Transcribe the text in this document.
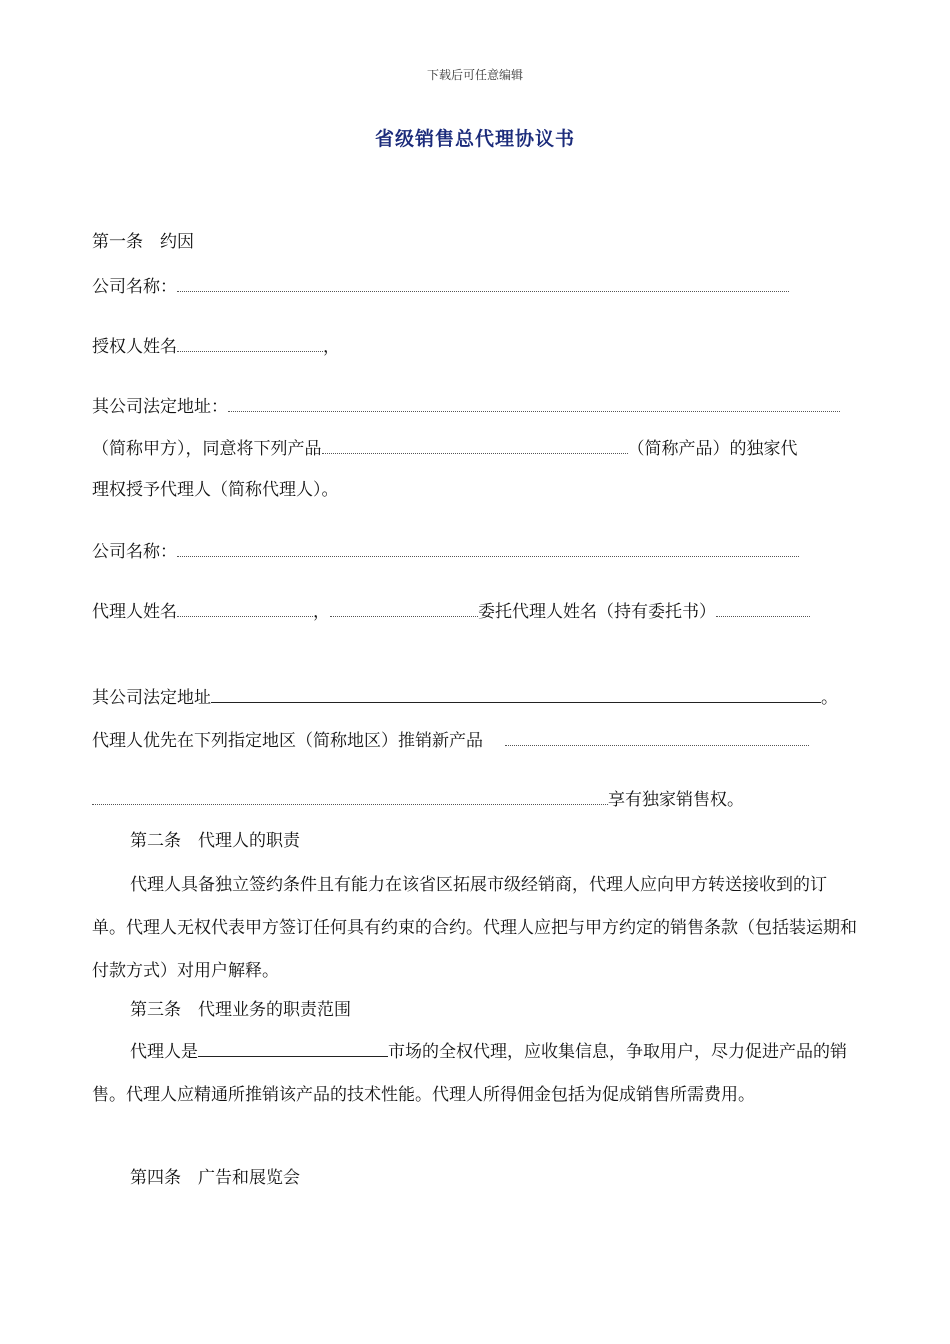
下载后可任意编辑
省级销售总代理协议书
第一条　约因
公司名称：
授权人姓名	，
其公司法定地址：
（简称甲方），同意将下列产品	（简称产品）的独家代
理权授予代理人（简称代理人）。
公司名称：
代理人姓名	，	委托代理人姓名（持有委托书）
其公司法定地址	。
代理人优先在下列指定地区（简称地区）推销新产品
享有独家销售权。
第二条　代理人的职责
代理人具备独立签约条件且有能力在该省区拓展市级经销商，代理人应向甲方转送接收到的订单。代理人无权代表甲方签订任何具有约束的合约。代理人应把与甲方约定的销售条款（包括装运期和付款方式）对用户解释。
第三条　代理业务的职责范围
代理人是	市场的全权代理，应收集信息，争取用户，尽力促进产品的销售。代理人应精通所推销该产品的技术性能。代理人所得佣金包括为促成销售所需费用。
第四条　广告和展览会
